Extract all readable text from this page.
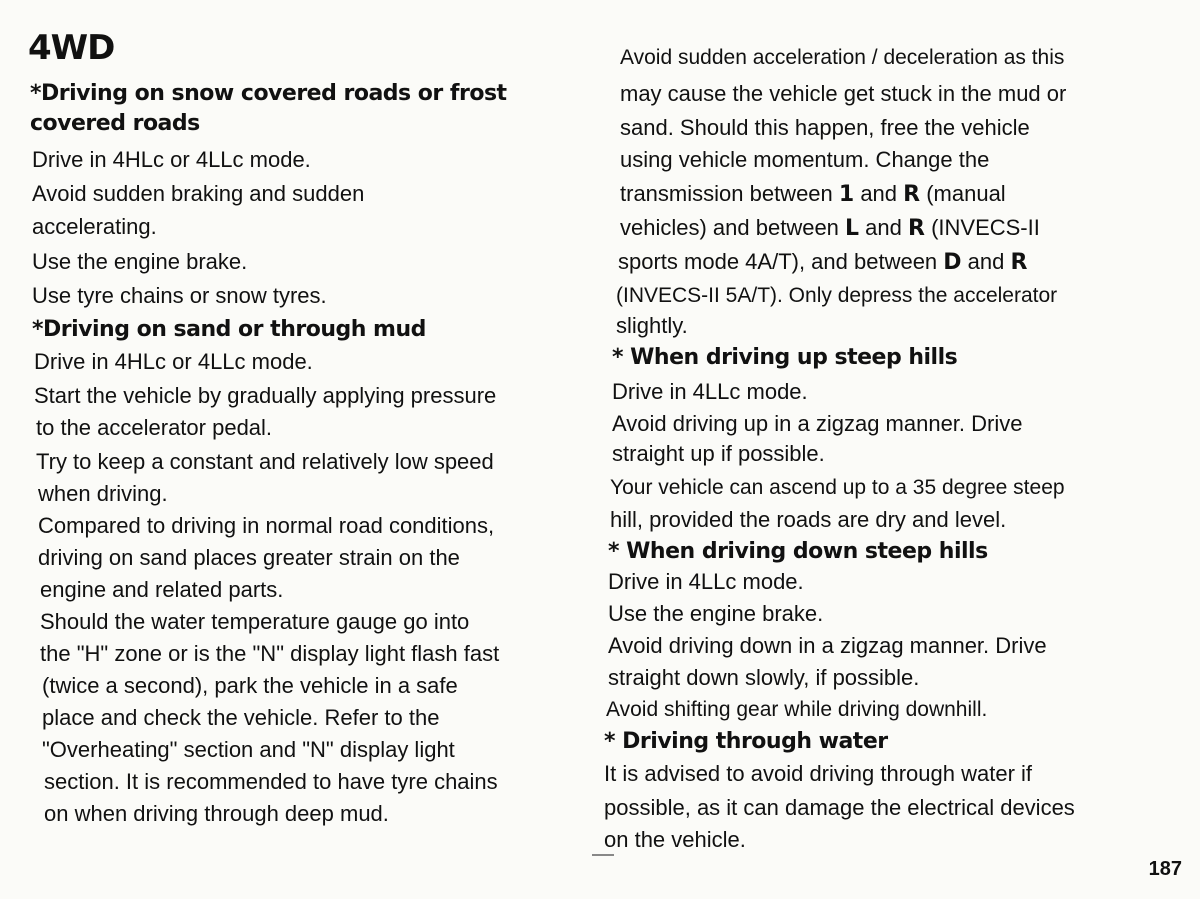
4WD
*Driving on snow covered roads or frost
covered roads
Drive in 4HLc or 4LLc mode.
Avoid sudden braking and sudden
accelerating.
Use the engine brake.
Use tyre chains or snow tyres.
*Driving on sand or through mud
Drive in 4HLc or 4LLc mode.
Start the vehicle by gradually applying pressure
to the accelerator pedal.
Try to keep a constant and relatively low speed
when driving.
Compared to driving in normal road conditions,
driving on sand places greater strain on the
engine and related parts.
Should the water temperature gauge go into
the "H" zone or is the "N" display light flash fast
(twice a second), park the vehicle in a safe
place and check the vehicle. Refer to the
"Overheating" section and "N" display light
section. It is recommended to have tyre chains
on when driving through deep mud.
Avoid sudden acceleration / deceleration as this
may cause the vehicle get stuck in the mud or
sand. Should this happen, free the vehicle
using vehicle momentum. Change the
transmission between 1 and R (manual
vehicles) and between L and R (INVECS-II
sports mode 4A/T), and between D and R
(INVECS-II 5A/T). Only depress the accelerator
slightly.
* When driving up steep hills
Drive in 4LLc mode.
Avoid driving up in a zigzag manner. Drive
straight up if possible.
Your vehicle can ascend up to a 35 degree steep
hill, provided the roads are dry and level.
* When driving down steep hills
Drive in 4LLc mode.
Use the engine brake.
Avoid driving down in a zigzag manner. Drive
straight down slowly, if possible.
Avoid shifting gear while driving downhill.
* Driving through water
It is advised to avoid driving through water if
possible, as it can damage the electrical devices
on the vehicle.
187
